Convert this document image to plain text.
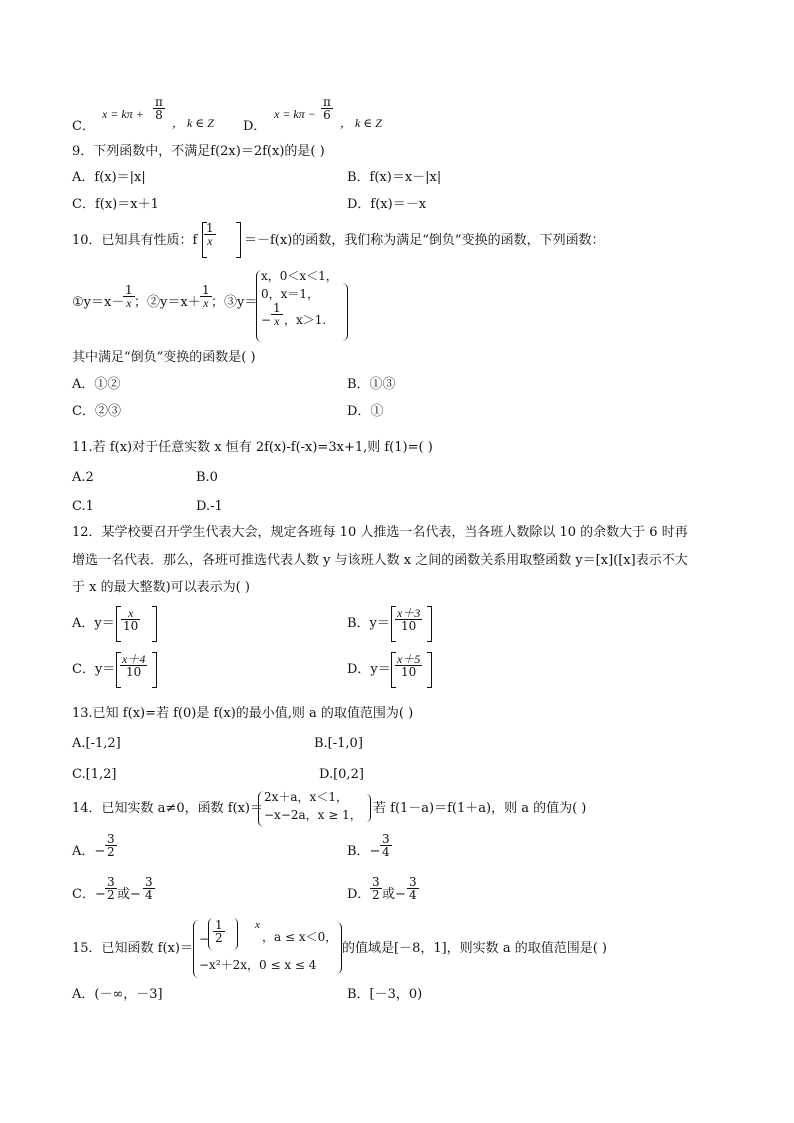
C．
$x = k\pi + \frac{\pi}{8}$
， k ∈ Z D．
$x = k\pi - \frac{\pi}{6}$
， k ∈ Z
9．下列函数中，不满足f(2x)＝2f(x)的是( )
A．f(x)＝|x|	B．f(x)＝x－|x|
C．f(x)＝x＋1	D．f(x)＝－x
10．已知具有性质：f $\frac{1}{x} =-f(x)$的函数，我们称为满足“倒负”变换的函数，下列函数：
①y＝x－
$\frac{1}{x}$ ；②y＝x＋ $\frac{1}{x}$ ；③y＝
x，0＜x＜1，
0，x＝1，
− $\frac{1}{x}$ ，x＞1.
其中满足“倒负”变换的函数是( )
A．①②	B．①③
C．②③	D．①
11.若 f(x)对于任意实数 x 恒有 2f(x)-f(-x)=3x+1,则 f(1)=( )
A.2	B.0
C.1	D.-1
12．某学校要召开学生代表大会，规定各班每 10 人推选一名代表，当各班人数除以 10 的余数大于 6 时再
增选一名代表．那么，各班可推选代表人数 y 与该班人数 x 之间的函数关系用取整函数 y＝[x]([x]表示不大
于 x 的最大整数)可以表示为( )
A．$y= \frac{x}{10}$	B．$y= \frac{x+3}{10}$
C．$y= \frac{x+4}{10}$	D．$y= \frac{x+5}{10}$
13.已知 f(x)=若 f(0)是 f(x)的最小值,则 a 的取值范围为( )
A.[-1,2]	B.[-1,0]
C.[1,2]	D.[0,2]
14．已知实数 a≠0，函数 f(x)＝
2x＋a，x＜1，
−x−2a，x ≥ 1， 若 f(1－a)＝f(1＋a)，则 a 的值为( )
A．− $\frac{3}{2}$	B．− $\frac{3}{4}$
C．− $\frac{3}{2}$ 或− $\frac{3}{4}$	D． $\frac{3}{2}$ 或− $\frac{3}{4}$
15．已知函数 f(x)＝
− $\frac{1}{2}$	x
，a ≤ x＜0，
−x²＋2x，0 ≤ x ≤ 4
的值域是[－8，1]，则实数 a 的取值范围是( )
A．(－∞，－3]	B．[－3，0)
